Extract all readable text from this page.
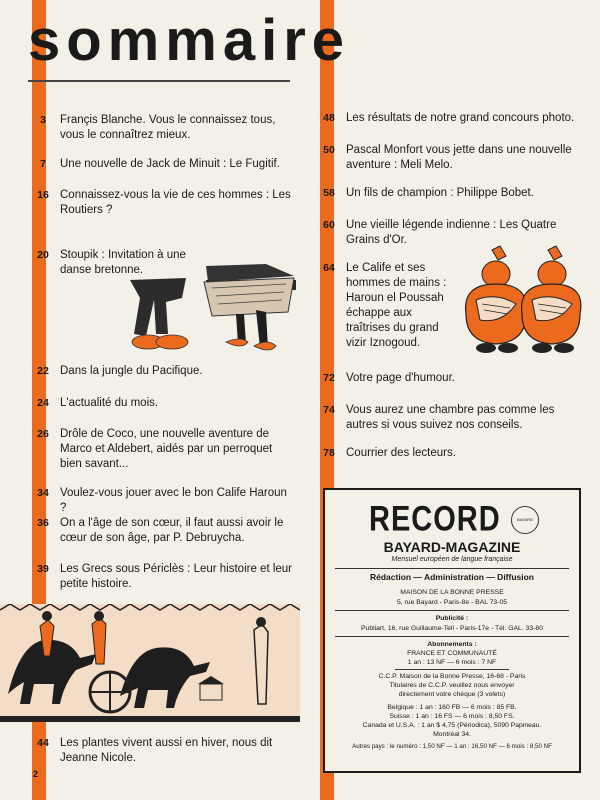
sommaire
3	Françis Blanche. Vous le connaissez tous, vous le connaîtrez mieux.
7	Une nouvelle de Jack de Minuit : Le Fugitif.
16 Connaissez-vous la vie de ces hommes : Les Routiers ?
20 Stoupik : Invitation à une danse bretonne.
22 Dans la jungle du Pacifique.
24 L'actualité du mois.
26 Drôle de Coco, une nouvelle aventure de Marco et Aldebert, aidés par un perroquet bien savant...
34 Voulez-vous jouer avec le bon Calife Haroun ?
36 On a l'âge de son cœur, il faut aussi avoir le cœur de son âge, par P. Debruycha.
39 Les Grecs sous Périclès : Leur histoire et leur petite histoire.
44 Les plantes vivent aussi en hiver, nous dit Jeanne Nicole.
2
48 Les résultats de notre grand concours photo.
50 Pascal Monfort vous jette dans une nouvelle aventure : Meli Melo.
58 Un fils de champion : Philippe Bobet.
60 Une vieille légende indienne : Les Quatre Grains d'Or.
64 Le Calife et ses hommes de mains : Haroun el Poussah échappe aux traîtrises du grand vizir Iznogoud.
72 Votre page d'humour.
74 Vous aurez une chambre pas comme les autres si vous suivez nos conseils.
78 Courrier des lecteurs.
RECORD	BAYARD
BAYARD-MAGAZINE
Mensuel européen de langue française
Rédaction — Administration — Diffusion
MAISON DE LA BONNE PRESSE
5, rue Bayard - Paris-8e - BAL 73-05
Publicité :
Publiart, 16, rue Guillaume-Tell - Paris-17e - Tél. GAL. 33-80
Abonnements :
FRANCE ET COMMUNAUTÉ
1 an : 13 NF — 6 mois : 7 NF
C.C.P. Maison de la Bonne Presse, 16-68 - Paris
Titulaires de C.C.P. veuillez nous envoyer
directement votre chèque (3 volets)
Belgique : 1 an : 160 FB — 6 mois : 85 FB.
Suisse : 1 an : 16 FS — 6 mois : 8,50 FS.
Canada et U.S.A. : 1 an $ 4,75 (Périodica), 5090 Papineau.
Montréal 34.
Autres pays : le numéro : 1,50 NF — 1 an : 16,50 NF — 6 mois : 8,50 NF
